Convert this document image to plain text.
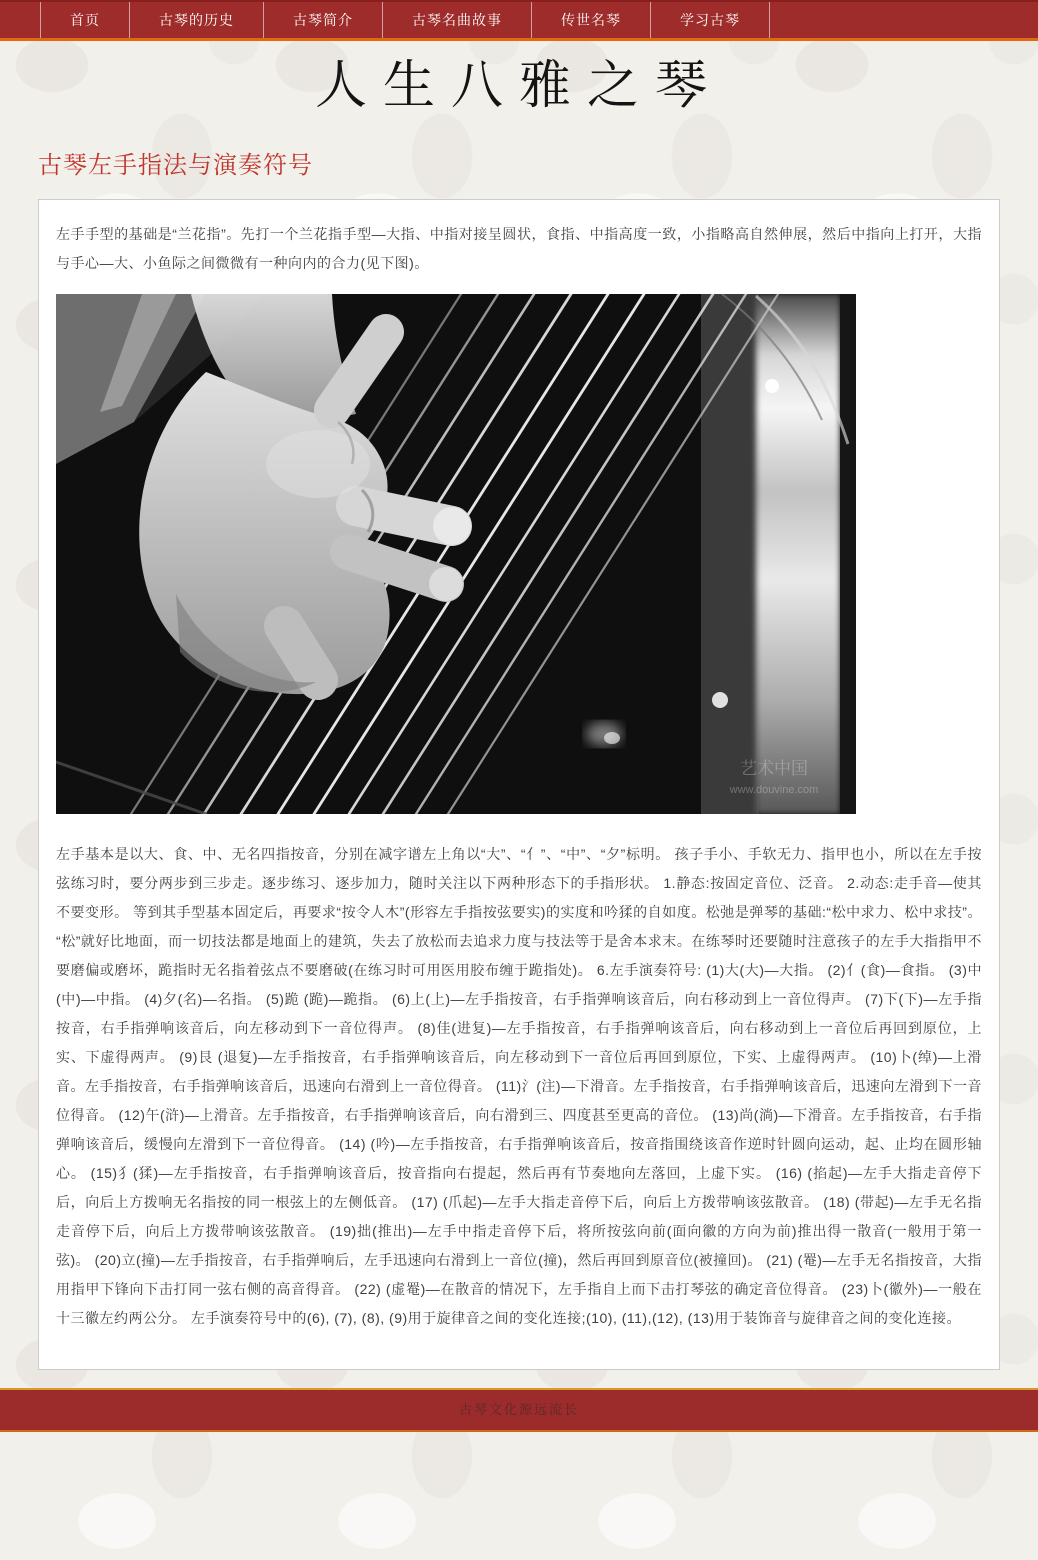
首页	古琴的历史	古琴简介	古琴名曲故事	传世名琴	学习古琴
人生八雅之琴
古琴左手指法与演奏符号

左手手型的基础是“兰花指”。先打一个兰花指手型—大指、中指对接呈圆状，食指、中指高度一致，小指略高自然伸展，然后中指向上打开，大指与手心—大、小鱼际之间微微有一种向内的合力(见下图)。

艺术中国
www.douvine.com

左手基本是以大、食、中、无名四指按音，分别在减字谱左上角以“大”、“亻”、“中”、“夕”标明。 孩子手小、手软无力、指甲也小，所以在左手按弦练习时，要分两步到三步走。逐步练习、逐步加力，随时关注以下两种形态下的手指形状。 1.静态:按固定音位、泛音。 2.动态:走手音—使其不要变形。 等到其手型基本固定后，再要求“按令人木”(形容左手指按弦要实)的实度和吟猱的自如度。松弛是弹琴的基础:“松中求力、松中求技”。 “松”就好比地面，而一切技法都是地面上的建筑，失去了放松而去追求力度与技法等于是舍本求末。在练琴时还要随时注意孩子的左手大指指甲不要磨偏或磨坏，跪指时无名指着弦点不要磨破(在练习时可用医用胶布缠于跪指处)。 6.左手演奏符号: (1)大(大)—大指。 (2)亻(食)—食指。 (3)中(中)—中指。 (4)夕(名)—名指。 (5)跪 (跪)—跪指。 (6)上(上)—左手指按音，右手指弹响该音后，向右移动到上一音位得声。 (7)下(下)—左手指按音，右手指弹响该音后，向左移动到下一音位得声。 (8)佳(进复)—左手指按音，右手指弹响该音后，向右移动到上一音位后再回到原位，上实、下虚得两声。 (9)艮 (退复)—左手指按音，右手指弹响该音后，向左移动到下一音位后再回到原位，下实、上虚得两声。 (10)卜(绰)—上滑音。左手指按音，右手指弹响该音后，迅速向右滑到上一音位得音。 (11)氵(注)—下滑音。左手指按音，右手指弹响该音后，迅速向左滑到下一音位得音。 (12)午(浒)—上滑音。左手指按音，右手指弹响该音后，向右滑到三、四度甚至更高的音位。 (13)尚(淌)—下滑音。左手指按音，右手指弹响该音后，缓慢向左滑到下一音位得音。 (14) (吟)—左手指按音，右手指弹响该音后，按音指围绕该音作逆时针圆向运动，起、止均在圆形轴心。 (15)犭(猱)—左手指按音，右手指弹响该音后，按音指向右提起，然后再有节奏地向左落回，上虚下实。 (16) (掐起)—左手大指走音停下后，向后上方拨响无名指按的同一根弦上的左侧低音。 (17) (爪起)—左手大指走音停下后，向后上方拨带响该弦散音。 (18) (带起)—左手无名指走音停下后，向后上方拨带响该弦散音。 (19)拙(推出)—左手中指走音停下后，将所按弦向前(面向徽的方向为前)推出得一散音(一般用于第一弦)。 (20)立(撞)—左手指按音，右手指弹响后，左手迅速向右滑到上一音位(撞)，然后再回到原音位(被撞回)。 (21) (罨)—左手无名指按音，大指用指甲下锋向下击打同一弦右侧的高音得音。 (22) (虚罨)—在散音的情况下，左手指自上而下击打琴弦的确定音位得音。 (23)卜(徽外)—一般在十三徽左约两公分。 左手演奏符号中的(6), (7), (8), (9)用于旋律音之间的变化连接;(10), (11),(12), (13)用于装饰音与旋律音之间的变化连接。

古琴文化源远流长
